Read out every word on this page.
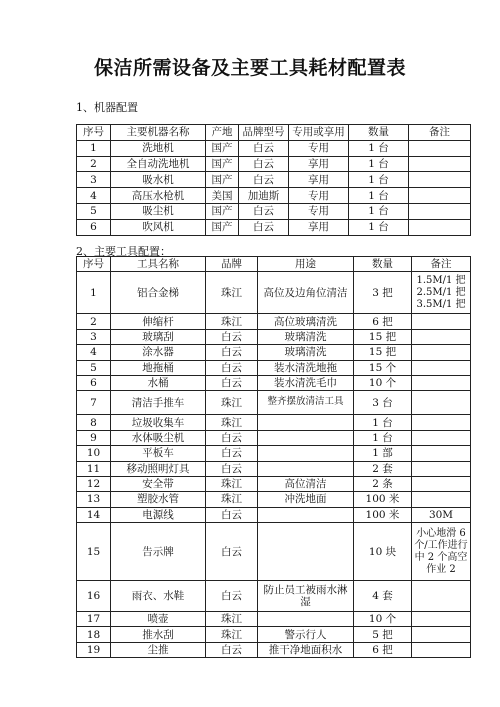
保洁所需设备及主要工具耗材配置表
1、机器配置
序号	主要机器名称	产地	品牌型号	专用或享用	数量	备注
1	洗地机	国产	白云	专用	1 台	
2	全自动洗地机	国产	白云	享用	1 台	
3	吸水机	国产	白云	享用	1 台	
4	高压水枪机	美国	加迪斯	专用	1 台	
5	吸尘机	国产	白云	专用	1 台	
6	吹风机	国产	白云	享用	1 台	
2、主要工具配置：
序号	工具名称	品牌	用途	数量	备注
1	铝合金梯	珠江	高位及边角位清洁	3 把	1.5M/1 把 2.5M/1 把 3.5M/1 把
2	伸缩杆	珠江	高位玻璃清洗	6 把	
3	玻璃刮	白云	玻璃清洗	15 把	
4	涂水器	白云	玻璃清洗	15 把	
5	地拖桶	白云	装水清洗地拖	15 个	
6	水桶	白云	装水清洗毛巾	10 个	
7	清洁手推车	珠江	整齐摆放清洁工具	3 台	
8	垃圾收集车	珠江		1 台	
9	水体吸尘机	白云		1 台	
10	平板车	白云		1 部	
11	移动照明灯具	白云		2 套	
12	安全带	珠江	高位清洁	2 条	
13	塑胶水管	珠江	冲洗地面	100 米	
14	电源线	白云		100 米	30M
15	告示牌	白云		10 块	小心地滑 6 个/工作进行中 2 个高空作业 2
16	雨衣、水鞋	白云	防止员工被雨水淋湿	4 套	
17	喷壶	珠江		10 个	
18	推水刮	珠江	警示行人	5 把	
19	尘推	白云	推干净地面积水	6 把	
